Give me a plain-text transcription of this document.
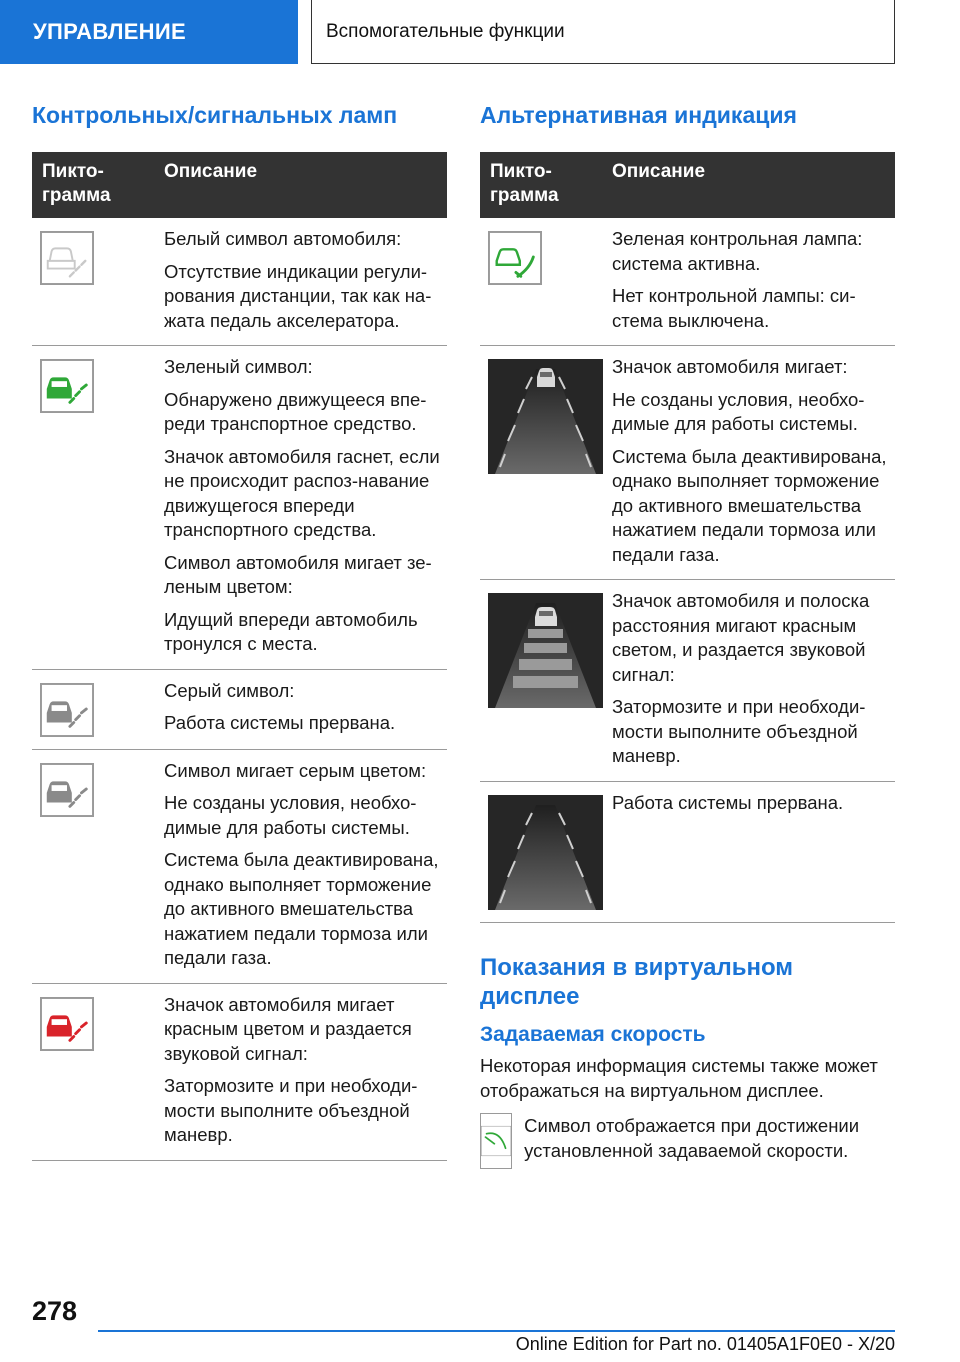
УПРАВЛЕНИЕ	Вспомогательные функции
Контрольных/сигнальных ламп
Пикто-
грамма
Описание

Белый символ автомобиля:

Отсутствие индикации регули-рования дистанции, так как на-жата педаль акселератора.

Зеленый символ:

Обнаружено движущееся впе-реди транспортное средство.

Значок автомобиля гаснет, если не происходит распоз-навание движущегося впереди транспортного средства.

Символ автомобиля мигает зе-леным цветом:

Идущий впереди автомобиль тронулся с места.

Серый символ:

Работа системы прервана.

Символ мигает серым цветом:

Не созданы условия, необхо-димые для работы системы.

Система была деактивирована, однако выполняет торможение до активного вмешательства нажатием педали тормоза или педали газа.

Значок автомобиля мигает красным цветом и раздается звуковой сигнал:

Затормозите и при необходи-мости выполните объездной маневр.

Альтернативная индикация
Пикто-
грамма
Описание

Зеленая контрольная лампа: система активна.

Нет контрольной лампы: си-стема выключена.

Значок автомобиля мигает:

Не созданы условия, необхо-димые для работы системы.

Система была деактивирована, однако выполняет торможение до активного вмешательства нажатием педали тормоза или педали газа.

Значок автомобиля и полоска расстояния мигают красным светом, и раздается звуковой сигнал:

Затормозите и при необходи-мости выполните объездной маневр.

Работа системы прервана.

Показания в виртуальном дисплее
Задаваемая скорость

Некоторая информация системы также может отображаться на виртуальном дисплее.

Символ отображается при достижении установленной задаваемой скорости.
278
Online Edition for Part no. 01405A1F0E0 - X/20
